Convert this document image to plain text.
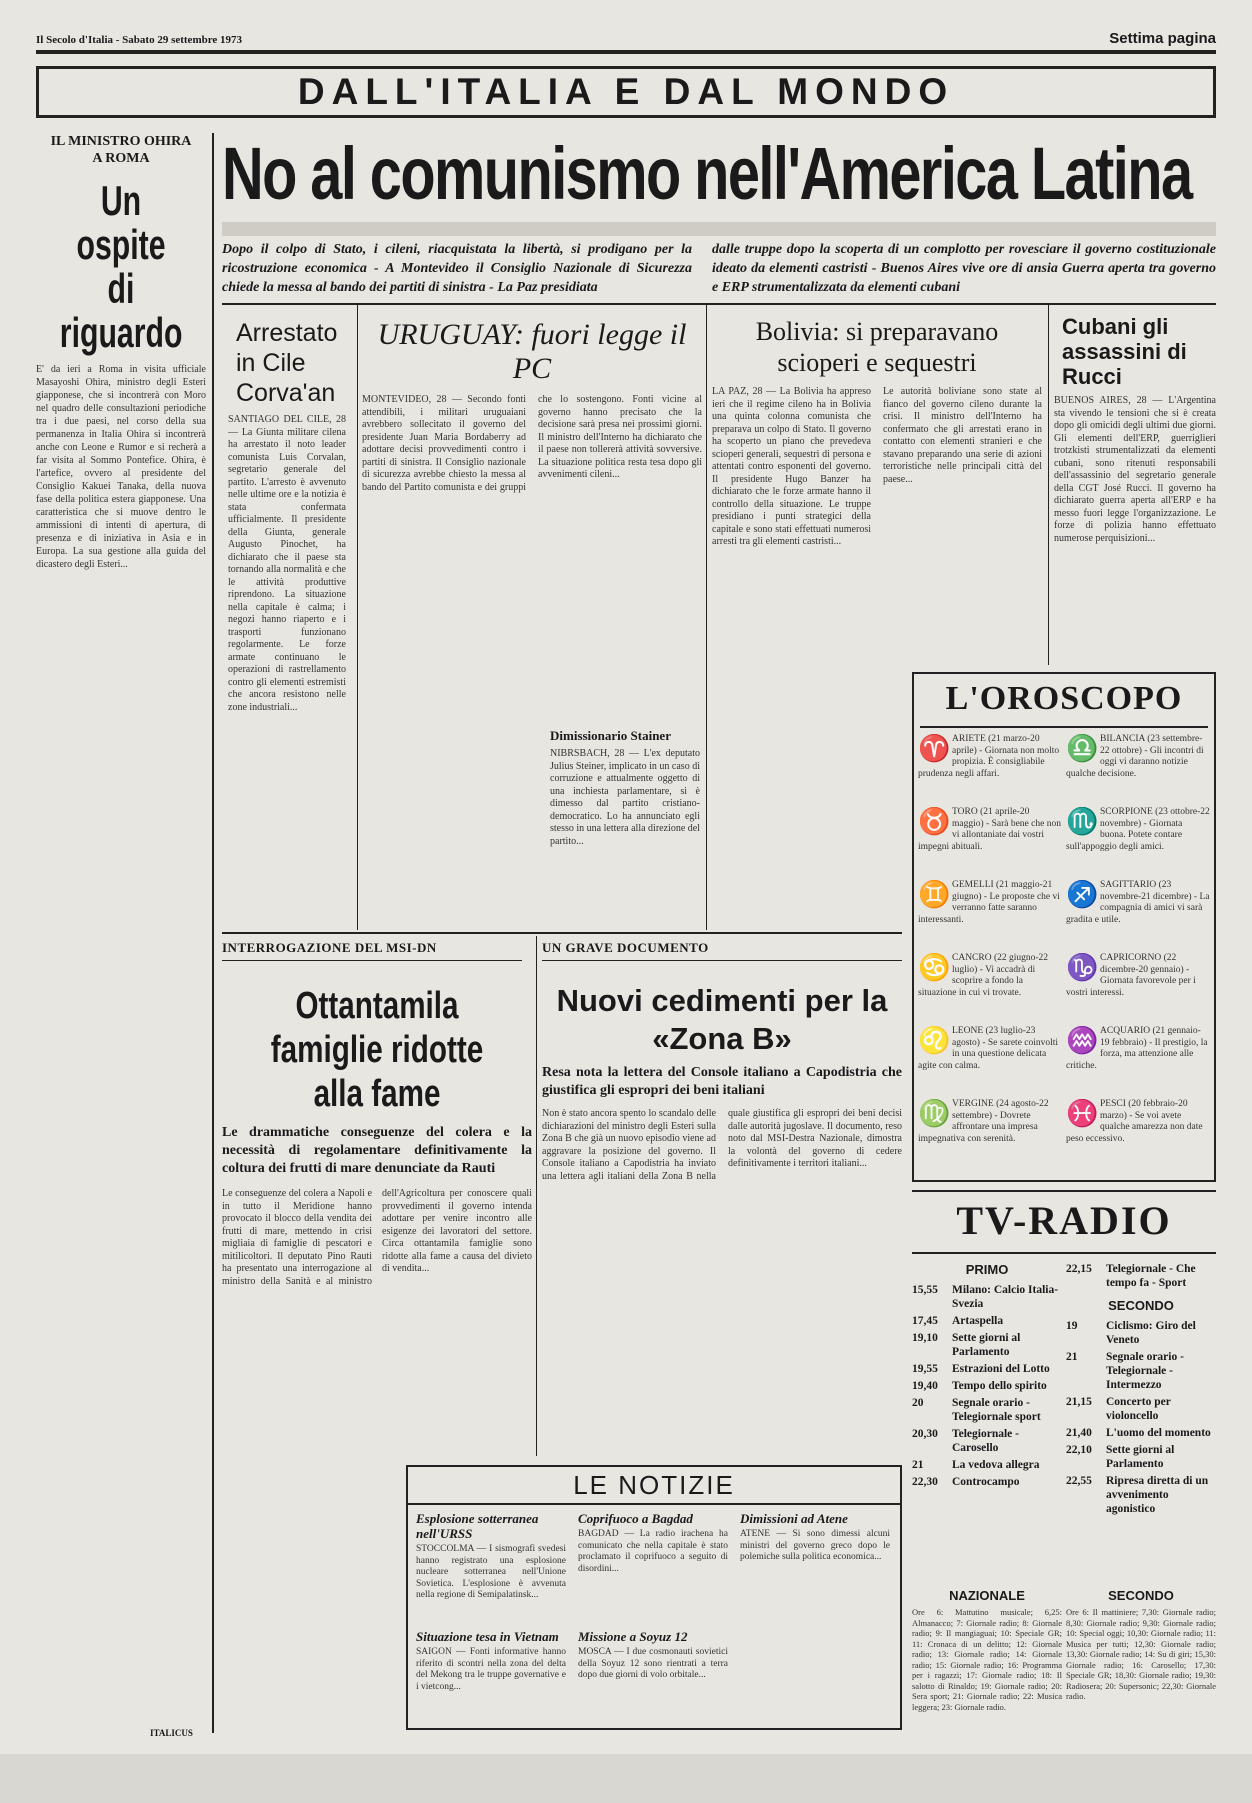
Il Secolo d'Italia - Sabato 29 settembre 1973	Settima pagina
DALL'ITALIA E DAL MONDO
IL MINISTRO OHIRA
A ROMA
Un ospite di riguardo
E' da ieri a Roma in visita ufficiale Masayoshi Ohira, ministro degli Esteri giapponese, che si incontrerà con Moro nel quadro delle consultazioni periodiche tra i due paesi, nel corso della sua permanenza in Italia Ohira si incontrerà anche con Leone e Rumor e si recherà a far visita al Sommo Pontefice. Ohira, è l'artefice, ovvero al presidente del Consiglio Kakuei Tanaka, della nuova fase della politica estera giapponese. Una caratteristica che si muove dentro le ammissioni di intenti di apertura, di presenza e di iniziativa in Asia e in Europa. La sua gestione alla guida del dicastero degli Esteri...
ITALICUS
No al comunismo nell'America Latina
Dopo il colpo di Stato, i cileni, riacquistata la libertà, si prodigano per la ricostruzione economica - A Montevideo il Consiglio Nazionale di Sicurezza chiede la messa al bando dei partiti di sinistra - La Paz presidiata
dalle truppe dopo la scoperta di un complotto per rovesciare il governo costituzionale ideato da elementi castristi - Buenos Aires vive ore di ansia Guerra aperta tra governo e ERP strumentalizzata da elementi cubani
Arrestato in Cile Corva'an
SANTIAGO DEL CILE, 28 — La Giunta militare cilena ha arrestato il noto leader comunista Luis Corvalan, segretario generale del partito. L'arresto è avvenuto nelle ultime ore e la notizia è stata confermata ufficialmente. Il presidente della Giunta, generale Augusto Pinochet, ha dichiarato che il paese sta tornando alla normalità e che le attività produttive riprendono. La situazione nella capitale è calma; i negozi hanno riaperto e i trasporti funzionano regolarmente. Le forze armate continuano le operazioni di rastrellamento contro gli elementi estremisti che ancora resistono nelle zone industriali...
URUGUAY: fuori legge il PC
MONTEVIDEO, 28 — Secondo fonti attendibili, i militari uruguaiani avrebbero sollecitato il governo del presidente Juan Maria Bordaberry ad adottare decisi provvedimenti contro i partiti di sinistra. Il Consiglio nazionale di sicurezza avrebbe chiesto la messa al bando del Partito comunista e dei gruppi che lo sostengono. Fonti vicine al governo hanno precisato che la decisione sarà presa nei prossimi giorni. Il ministro dell'Interno ha dichiarato che il paese non tollererà attività sovversive. La situazione politica resta tesa dopo gli avvenimenti cileni...
Bolivia: si preparavano scioperi e sequestri
LA PAZ, 28 — La Bolivia ha appreso ieri che il regime cileno ha in Bolivia una quinta colonna comunista che preparava un colpo di Stato. Il governo ha scoperto un piano che prevedeva scioperi generali, sequestri di persona e attentati contro esponenti del governo. Il presidente Hugo Banzer ha dichiarato che le forze armate hanno il controllo della situazione. Le truppe presidiano i punti strategici della capitale e sono stati effettuati numerosi arresti tra gli elementi castristi...
Le autorità boliviane sono state al fianco del governo cileno durante la crisi. Il ministro dell'Interno ha confermato che gli arrestati erano in contatto con elementi stranieri e che stavano preparando una serie di azioni terroristiche nelle principali città del paese...
Dimissionario Stainer
NIBRSBACH, 28 — L'ex deputato Julius Steiner, implicato in un caso di corruzione e attualmente oggetto di una inchiesta parlamentare, si è dimesso dal partito cristiano-democratico. Lo ha annunciato egli stesso in una lettera alla direzione del partito...
Cubani gli assassini di Rucci
BUENOS AIRES, 28 — L'Argentina sta vivendo le tensioni che si è creata dopo gli omicidi degli ultimi due giorni. Gli elementi dell'ERP, guerriglieri trotzkisti strumentalizzati da elementi cubani, sono ritenuti responsabili dell'assassinio del segretario generale della CGT José Rucci. Il governo ha dichiarato guerra aperta all'ERP e ha messo fuori legge l'organizzazione. Le forze di polizia hanno effettuato numerose perquisizioni...
L'OROSCOPO
♈ ARIETE (21 marzo-20 aprile) - Giornata non molto propizia. È consigliabile prudenza negli affari.
♉ TORO (21 aprile-20 maggio) - Sarà bene che non vi allontaniate dai vostri impegni abituali.
♊ GEMELLI (21 maggio-21 giugno) - Le proposte che vi verranno fatte saranno interessanti.
♋ CANCRO (22 giugno-22 luglio) - Vi accadrà di scoprire a fondo la situazione in cui vi trovate.
♌ LEONE (23 luglio-23 agosto) - Se sarete coinvolti in una questione delicata agite con calma.
♍ VERGINE (24 agosto-22 settembre) - Dovrete affrontare una impresa impegnativa con serenità.
♎ BILANCIA (23 settembre-22 ottobre) - Gli incontri di oggi vi daranno notizie qualche decisione.
♏ SCORPIONE (23 ottobre-22 novembre) - Giornata buona. Potete contare sull'appoggio degli amici.
♐ SAGITTARIO (23 novembre-21 dicembre) - La compagnia di amici vi sarà gradita e utile.
♑ CAPRICORNO (22 dicembre-20 gennaio) - Giornata favorevole per i vostri interessi.
♒ ACQUARIO (21 gennaio-19 febbraio) - Il prestigio, la forza, ma attenzione alle critiche.
♓ PESCI (20 febbraio-20 marzo) - Se voi avete qualche amarezza non date peso eccessivo.
INTERROGAZIONE DEL MSI-DN
Ottantamila famiglie ridotte alla fame
Le drammatiche conseguenze del colera e la necessità di regolamentare definitivamente la coltura dei frutti di mare denunciate da Rauti
Le conseguenze del colera a Napoli e in tutto il Meridione hanno provocato il blocco della vendita dei frutti di mare, mettendo in crisi migliaia di famiglie di pescatori e mitilicoltori. Il deputato Pino Rauti ha presentato una interrogazione al ministro della Sanità e al ministro dell'Agricoltura per conoscere quali provvedimenti il governo intenda adottare per venire incontro alle esigenze dei lavoratori del settore. Circa ottantamila famiglie sono ridotte alla fame a causa del divieto di vendita...
UN GRAVE DOCUMENTO
Nuovi cedimenti per la «Zona B»
Resa nota la lettera del Console italiano a Capodistria che giustifica gli espropri dei beni italiani
Non è stato ancora spento lo scandalo delle dichiarazioni del ministro degli Esteri sulla Zona B che già un nuovo episodio viene ad aggravare la posizione del governo. Il Console italiano a Capodistria ha inviato una lettera agli italiani della Zona B nella quale giustifica gli espropri dei beni decisi dalle autorità jugoslave. Il documento, reso noto dal MSI-Destra Nazionale, dimostra la volontà del governo di cedere definitivamente i territori italiani...
LE NOTIZIE
Esplosione sotterranea nell'URSS
STOCCOLMA — I sismografi svedesi hanno registrato una esplosione nucleare sotterranea nell'Unione Sovietica. L'esplosione è avvenuta nella regione di Semipalatinsk...
Coprifuoco a Bagdad
BAGDAD — La radio irachena ha comunicato che nella capitale è stato proclamato il coprifuoco a seguito di disordini...
Situazione tesa in Vietnam
SAIGON — Fonti informative hanno riferito di scontri nella zona del delta del Mekong tra le truppe governative e i vietcong...
Missione a Soyuz 12
MOSCA — I due cosmonauti sovietici della Soyuz 12 sono rientrati a terra dopo due giorni di volo orbitale...
Dimissioni ad Atene
ATENE — Si sono dimessi alcuni ministri del governo greco dopo le polemiche sulla politica economica...
TV-RADIO
PRIMO
15,55	Milano: Calcio Italia-Svezia
17,45	Artaspella
19,10	Sette giorni al Parlamento
19,55	Estrazioni del Lotto
19,40	Tempo dello spirito
20	Segnale orario - Telegiornale sport
20,30	Telegiornale - Carosello
21	La vedova allegra
22,30	Controcampo
22,15	Telegiornale - Che tempo fa - Sport
SECONDO
19	Ciclismo: Giro del Veneto
21	Segnale orario - Telegiornale - Intermezzo
21,15	Concerto per violoncello
21,40	L'uomo del momento
22,10	Sette giorni al Parlamento
22,55	Ripresa diretta di un avvenimento agonistico
NAZIONALE
Ore 6: Mattutino musicale; 6,25: Almanacco; 7: Giornale radio; 8: Giornale radio; 9: Il mangiaguai; 10: Speciale GR; 11: Cronaca di un delitto; 12: Giornale radio; 13: Giornale radio; 14: Giornale radio; 15: Giornale radio; 16: Programma per i ragazzi; 17: Giornale radio; 18: Il salotto di Rinaldo; 19: Giornale radio; 20: Sera sport; 21: Giornale radio; 22: Musica leggera; 23: Giornale radio.
SECONDO
Ore 6: Il mattiniere; 7,30: Giornale radio; 8,30: Giornale radio; 9,30: Giornale radio; 10: Special oggi; 10,30: Giornale radio; 11: Musica per tutti; 12,30: Giornale radio; 13,30: Giornale radio; 14: Su di giri; 15,30: Giornale radio; 16: Carosello; 17,30: Speciale GR; 18,30: Giornale radio; 19,30: Radiosera; 20: Supersonic; 22,30: Giornale radio.
